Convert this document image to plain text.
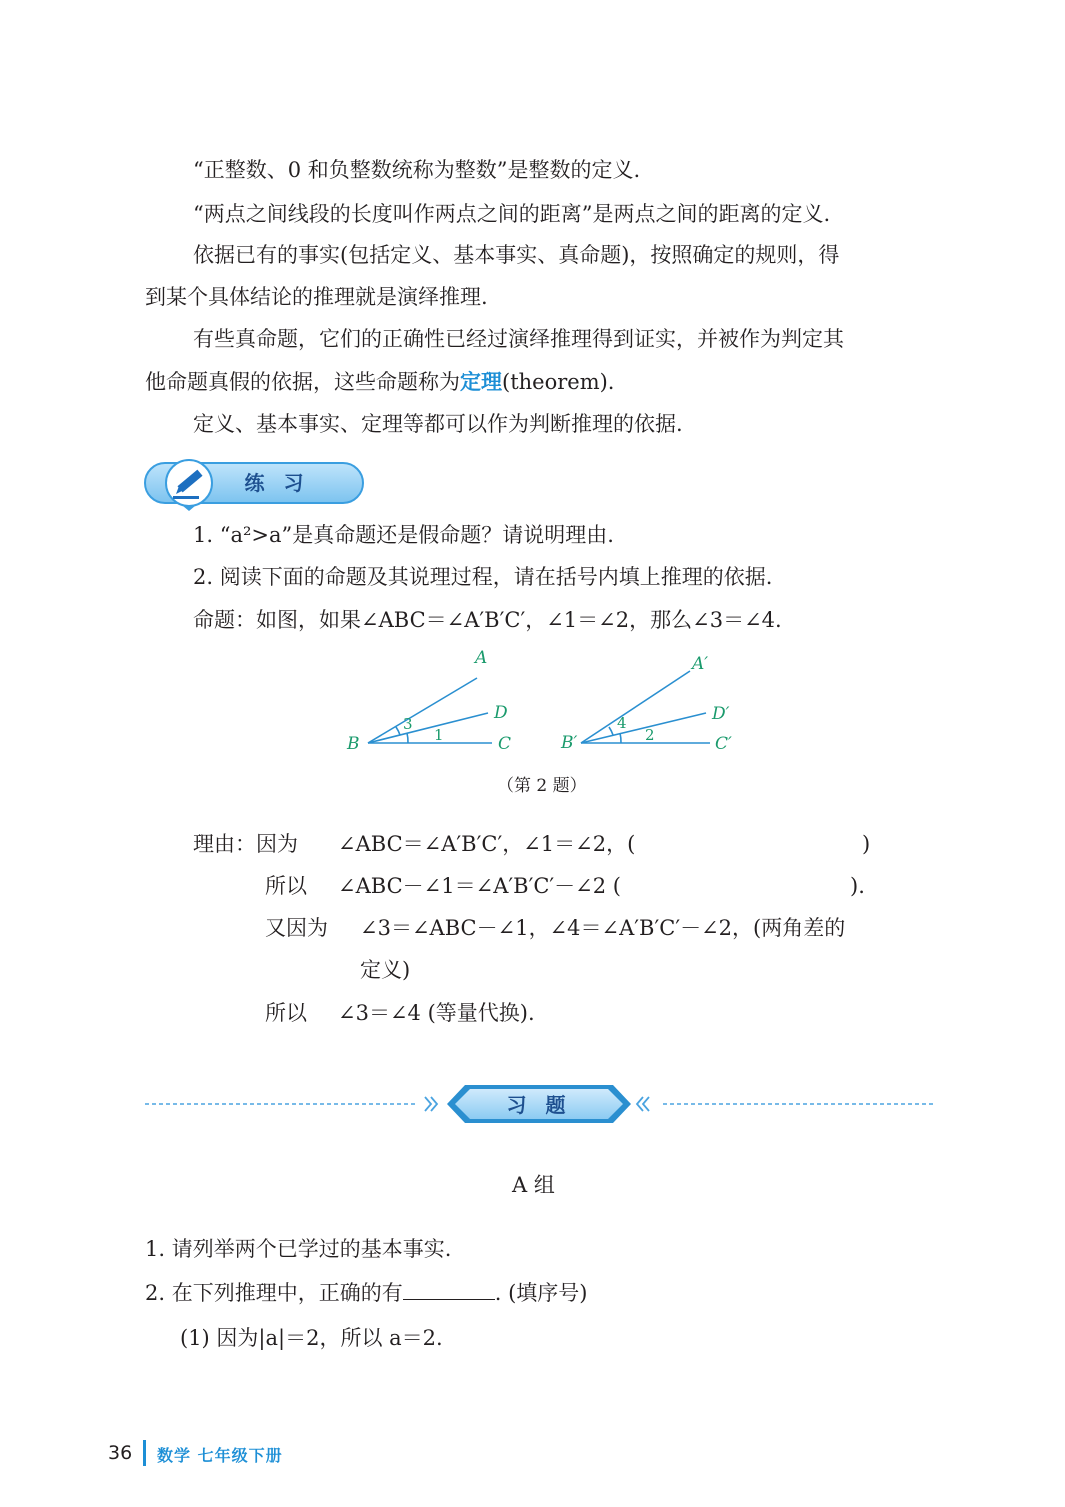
“正整数、0 和负整数统称为整数”是整数的定义.
“两点之间线段的长度叫作两点之间的距离”是两点之间的距离的定义.
依据已有的事实(包括定义、基本事实、真命题)，按照确定的规则，得
到某个具体结论的推理就是演绎推理.
有些真命题，它们的正确性已经过演绎推理得到证实，并被作为判定其
他命题真假的依据，这些命题称为定理(theorem).
定义、基本事实、定理等都可以作为判断推理的依据.
练 习
1. “a²>a”是真命题还是假命题？请说明理由.
2. 阅读下面的命题及其说理过程，请在括号内填上推理的依据.
命题：如图，如果∠ABC＝∠A′B′C′，∠1＝∠2，那么∠3＝∠4.
A
D
C
B
A′
D′
C′
B′
3
1
4
2
（第 2 题）
理由：因为 ∠ABC＝∠A′B′C′，∠1＝∠2，(	)
所以 ∠ABC－∠1＝∠A′B′C′－∠2 (	).
又因为 ∠3＝∠ABC－∠1，∠4＝∠A′B′C′－∠2，(两角差的
定义)
所以 ∠3＝∠4 (等量代换).
习 题
A 组
1. 请列举两个已学过的基本事实.
2. 在下列推理中，正确的有	. (填序号)
(1) 因为|a|＝2，所以 a＝2.
36 数学 七年级下册
